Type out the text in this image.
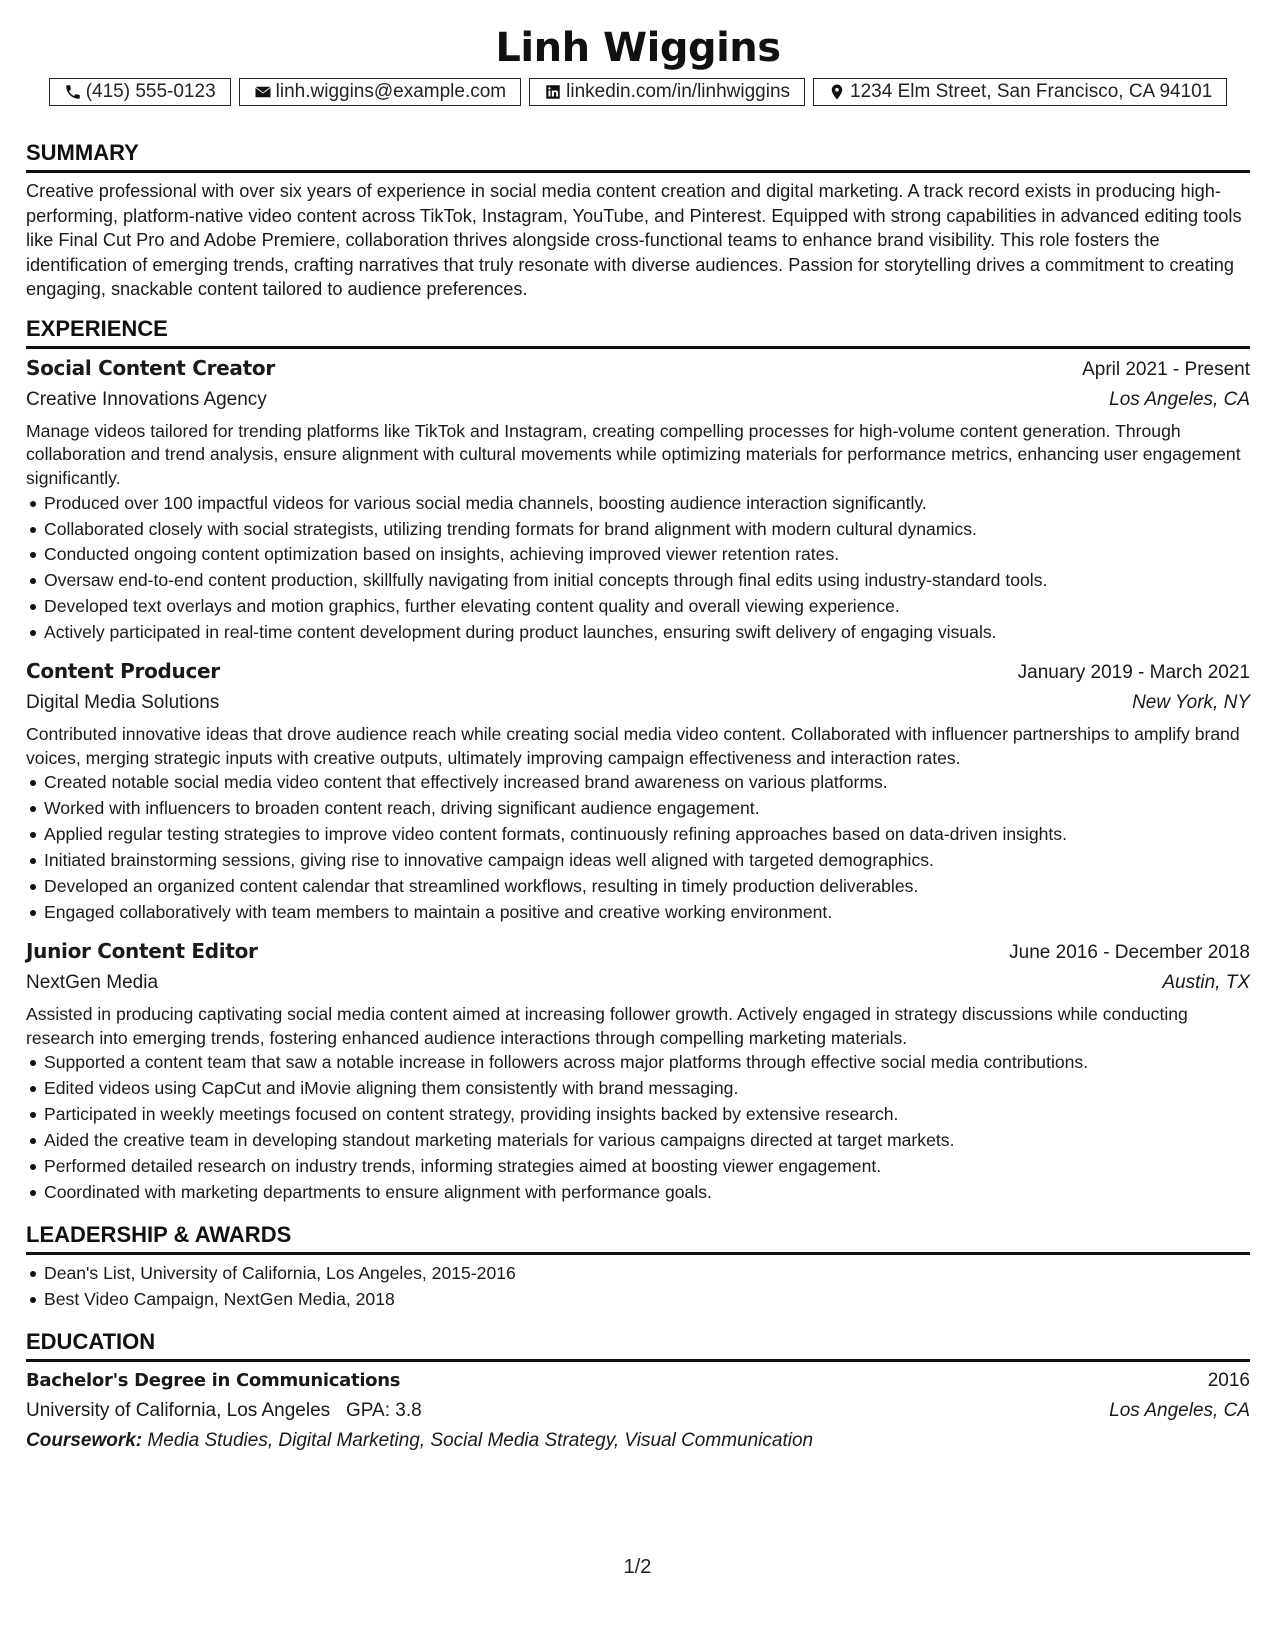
Linh Wiggins
(415) 555-0123	linh.wiggins@example.com	linkedin.com/in/linhwiggins	1234 Elm Street, San Francisco, CA 94101
SUMMARY
Creative professional with over six years of experience in social media content creation and digital marketing. A track record exists in producing high-performing, platform-native video content across TikTok, Instagram, YouTube, and Pinterest. Equipped with strong capabilities in advanced editing tools like Final Cut Pro and Adobe Premiere, collaboration thrives alongside cross-functional teams to enhance brand visibility. This role fosters the identification of emerging trends, crafting narratives that truly resonate with diverse audiences. Passion for storytelling drives a commitment to creating engaging, snackable content tailored to audience preferences.
EXPERIENCE
Social Content Creator	April 2021 - Present
Creative Innovations Agency	Los Angeles, CA
Manage videos tailored for trending platforms like TikTok and Instagram, creating compelling processes for high-volume content generation. Through collaboration and trend analysis, ensure alignment with cultural movements while optimizing materials for performance metrics, enhancing user engagement significantly.
Produced over 100 impactful videos for various social media channels, boosting audience interaction significantly.
Collaborated closely with social strategists, utilizing trending formats for brand alignment with modern cultural dynamics.
Conducted ongoing content optimization based on insights, achieving improved viewer retention rates.
Oversaw end-to-end content production, skillfully navigating from initial concepts through final edits using industry-standard tools.
Developed text overlays and motion graphics, further elevating content quality and overall viewing experience.
Actively participated in real-time content development during product launches, ensuring swift delivery of engaging visuals.
Content Producer	January 2019 - March 2021
Digital Media Solutions	New York, NY
Contributed innovative ideas that drove audience reach while creating social media video content. Collaborated with influencer partnerships to amplify brand voices, merging strategic inputs with creative outputs, ultimately improving campaign effectiveness and interaction rates.
Created notable social media video content that effectively increased brand awareness on various platforms.
Worked with influencers to broaden content reach, driving significant audience engagement.
Applied regular testing strategies to improve video content formats, continuously refining approaches based on data-driven insights.
Initiated brainstorming sessions, giving rise to innovative campaign ideas well aligned with targeted demographics.
Developed an organized content calendar that streamlined workflows, resulting in timely production deliverables.
Engaged collaboratively with team members to maintain a positive and creative working environment.
Junior Content Editor	June 2016 - December 2018
NextGen Media	Austin, TX
Assisted in producing captivating social media content aimed at increasing follower growth. Actively engaged in strategy discussions while conducting research into emerging trends, fostering enhanced audience interactions through compelling marketing materials.
Supported a content team that saw a notable increase in followers across major platforms through effective social media contributions.
Edited videos using CapCut and iMovie aligning them consistently with brand messaging.
Participated in weekly meetings focused on content strategy, providing insights backed by extensive research.
Aided the creative team in developing standout marketing materials for various campaigns directed at target markets.
Performed detailed research on industry trends, informing strategies aimed at boosting viewer engagement.
Coordinated with marketing departments to ensure alignment with performance goals.
LEADERSHIP & AWARDS
Dean's List, University of California, Los Angeles, 2015-2016
Best Video Campaign, NextGen Media, 2018
EDUCATION
Bachelor's Degree in Communications	2016
University of California, Los Angeles GPA: 3.8	Los Angeles, CA
Coursework: Media Studies, Digital Marketing, Social Media Strategy, Visual Communication
1/2
